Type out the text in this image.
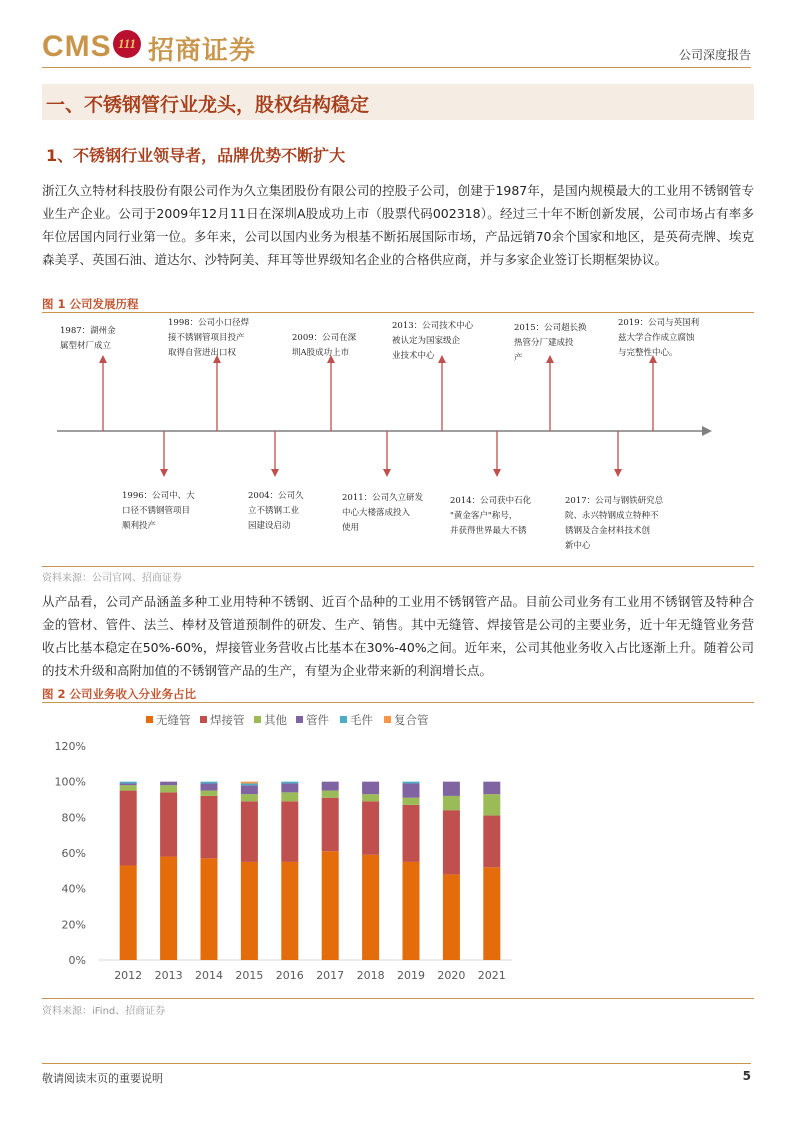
CMS 111 招商证券	公司深度报告
一、不锈钢管行业龙头，股权结构稳定
1、不锈钢行业领导者，品牌优势不断扩大

浙江久立特材科技股份有限公司作为久立集团股份有限公司的控股子公司，创建于1987年，是国内规模最大的工业用不锈钢管专业生产企业。公司于2009年12月11日在深圳A股成功上市（股票代码002318）。经过三十年不断创新发展，公司市场占有率多年位居国内同行业第一位。多年来，公司以国内业务为根基不断拓展国际市场，产品远销70余个国家和地区，是英荷壳牌、埃克森美孚、英国石油、道达尔、沙特阿美、拜耳等世界级知名企业的合格供应商，并与多家企业签订长期框架协议。

图 1 公司发展历程
1987：湖州金
属型材厂成立
1998：公司小口径焊
接不锈钢管项目投产
取得自营进出口权
2009：公司在深
圳A股成功上市
2013：公司技术中心
被认定为国家级企
业技术中心
2015：公司超长换
热管分厂建成投
产
2019：公司与英国利
兹大学合作成立腐蚀
与完整性中心。
1996：公司中、大
口径不锈钢管项目
顺利投产
2004：公司久
立不锈钢工业
园建设启动
2011：公司久立研发
中心大楼落成投入
使用
2014：公司获中石化
"黄金客户"称号，
并获得世界最大不锈
2017：公司与钢铁研究总
院、永兴特钢成立特种不
锈钢及合金材料技术创
新中心
资料来源：公司官网、招商证券

从产品看，公司产品涵盖多种工业用特种不锈钢、近百个品种的工业用不锈钢管产品。目前公司业务有工业用不锈钢管及特种合金的管材、管件、法兰、棒材及管道预制件的研发、生产、销售。其中无缝管、焊接管是公司的主要业务，近十年无缝管业务营收占比基本稳定在50%-60%，焊接管业务营收占比基本在30%-40%之间。近年来，公司其他业务收入占比逐渐上升。随着公司的技术升级和高附加值的不锈钢管产品的生产，有望为企业带来新的利润增长点。

图 2 公司业务收入分业务占比
无缝管	焊接管	其他	管件	毛件	复合管
0%
20%
40%
60%
80%
100%
120%
2012 2013 2014 2015 2016 2017 2018 2019 2020 2021
资料来源：iFind、招商证券
敬请阅读末页的重要说明	5
